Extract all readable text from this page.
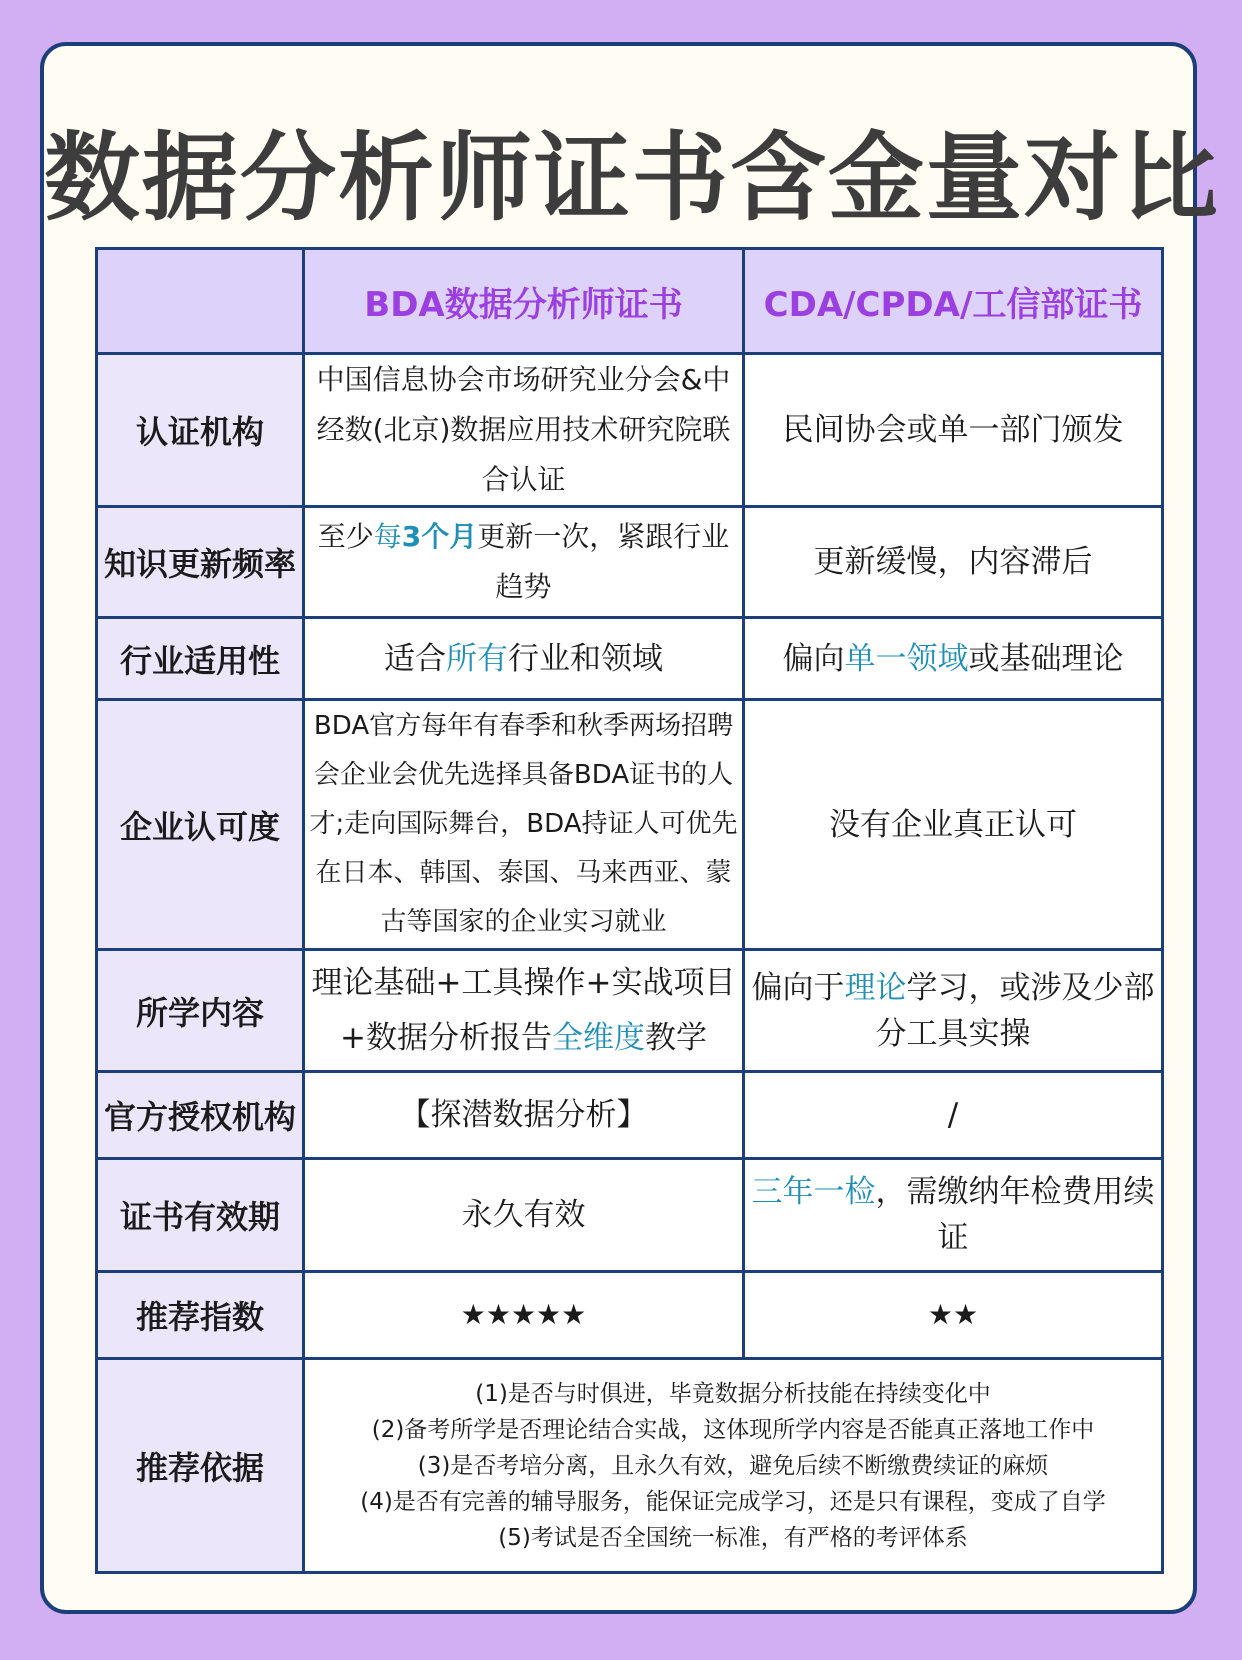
数据分析师证书含金量对比
	BDA数据分析师证书	CDA/CPDA/工信部证书
认证机构	中国信息协会市场研究业分会&中经数(北京)数据应用技术研究院联合认证	民间协会或单一部门颁发
知识更新频率	至少每3个月更新一次，紧跟行业趋势	更新缓慢，内容滞后
行业适用性	适合所有行业和领域	偏向单一领域或基础理论
企业认可度	BDA官方每年有春季和秋季两场招聘会企业会优先选择具备BDA证书的人才;走向国际舞台，BDA持证人可优先在日本、韩国、泰国、马来西亚、蒙古等国家的企业实习就业	没有企业真正认可
所学内容	理论基础+工具操作+实战项目+数据分析报告全维度教学	偏向于理论学习，或涉及少部分工具实操
官方授权机构	【探潜数据分析】	/
证书有效期	永久有效	三年一检，需缴纳年检费用续证
推荐指数	★★★★★	★★
推荐依据	(1)是否与时俱进，毕竟数据分析技能在持续变化中
(2)备考所学是否理论结合实战，这体现所学内容是否能真正落地工作中
(3)是否考培分离，且永久有效，避免后续不断缴费续证的麻烦
(4)是否有完善的辅导服务，能保证完成学习，还是只有课程，变成了自学
(5)考试是否全国统一标准，有严格的考评体系	
